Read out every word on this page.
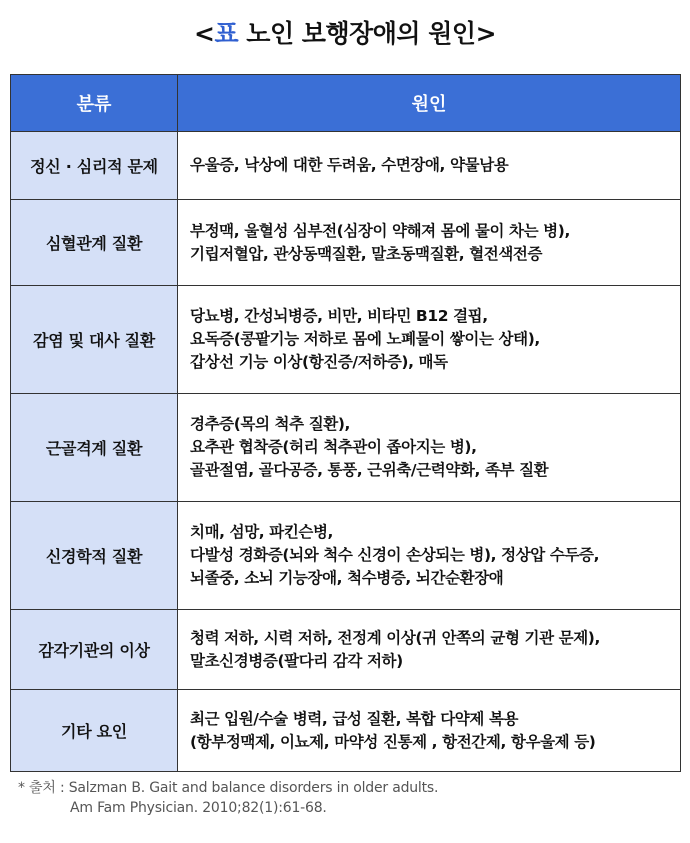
<표 노인 보행장애의 원인>
분류	원인
정신 · 심리적 문제	우울증, 낙상에 대한 두려움, 수면장애, 약물남용

심혈관계 질환	부정맥, 울혈성 심부전(심장이 약해져 몸에 물이 차는 병),
기립저혈압, 관상동맥질환, 말초동맥질환, 혈전색전증

감염 및 대사 질환	당뇨병, 간성뇌병증, 비만, 비타민 B12 결핍,
요독증(콩팥기능 저하로 몸에 노폐물이 쌓이는 상태),
갑상선 기능 이상(항진증/저하증), 매독

근골격계 질환	경추증(목의 척추 질환),
요추관 협착증(허리 척추관이 좁아지는 병),
골관절염, 골다공증, 통풍, 근위축/근력약화, 족부 질환

신경학적 질환	치매, 섬망, 파킨슨병,
다발성 경화증(뇌와 척수 신경이 손상되는 병), 정상압 수두증,
뇌졸중, 소뇌 기능장애, 척수병증, 뇌간순환장애

감각기관의 이상	청력 저하, 시력 저하, 전정계 이상(귀 안쪽의 균형 기관 문제),
말초신경병증(팔다리 감각 저하)

기타 요인	최근 입원/수술 병력, 급성 질환, 복합 다약제 복용
(항부정맥제, 이뇨제, 마약성 진통제 , 항전간제, 항우울제 등)
* 출처 : Salzman B. Gait and balance disorders in older adults.
Am Fam Physician. 2010;82(1):61-68.
